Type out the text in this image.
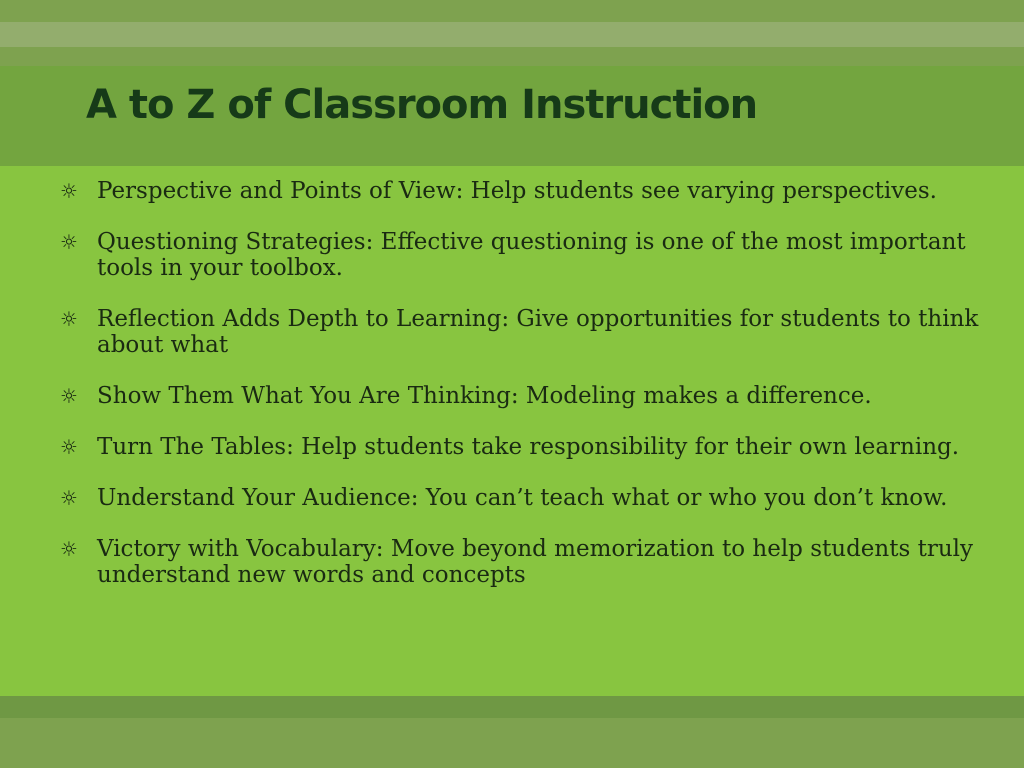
A to Z of Classroom Instruction
☼ Perspective and Points of View: Help students see varying perspectives.
☼ Questioning Strategies: Effective questioning is one of the most important tools in your toolbox.
☼ Reflection Adds Depth to Learning: Give opportunities for students to think about what
☼ Show Them What You Are Thinking: Modeling makes a difference.
☼ Turn The Tables: Help students take responsibility for their own learning.
☼ Understand Your Audience: You can’t teach what or who you don’t know.
☼ Victory with Vocabulary: Move beyond memorization to help students truly understand new words and concepts
